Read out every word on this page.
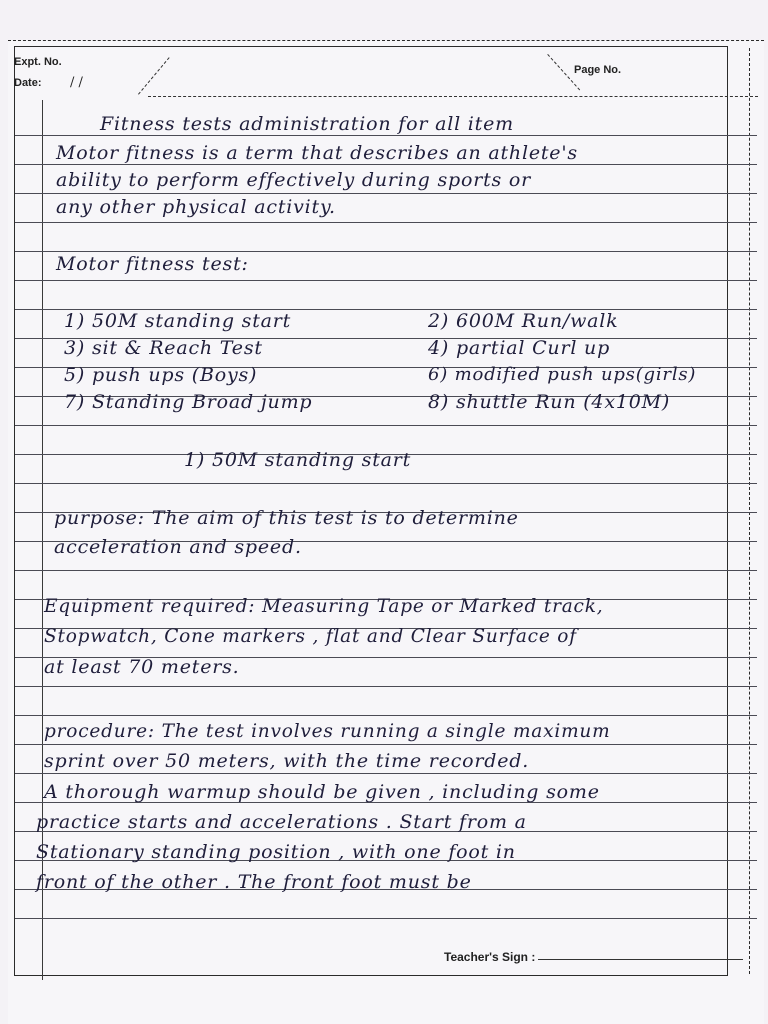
Expt. No.
Date: / /
Page No.
Fitness tests administration for all item
Motor fitness is a term that describes an athlete's
ability to perform effectively during sports or
any other physical activity.
Motor fitness test:
1) 50M standing start
3) sit & Reach Test
5) push ups (Boys)
7) Standing Broad jump
2) 600M Run/walk
4) partial Curl up
6) modified push ups(girls)
8) shuttle Run (4x10M)
1) 50M standing start
purpose: The aim of this test is to determine
acceleration and speed.
Equipment required: Measuring Tape or Marked track,
Stopwatch, Cone markers , flat and Clear Surface of
at least 70 meters.
procedure: The test involves running a single maximum
sprint over 50 meters, with the time recorded.
A thorough warmup should be given , including some
practice starts and accelerations . Start from a
Stationary standing position , with one foot in
front of the other . The front foot must be
Teacher's Sign :
